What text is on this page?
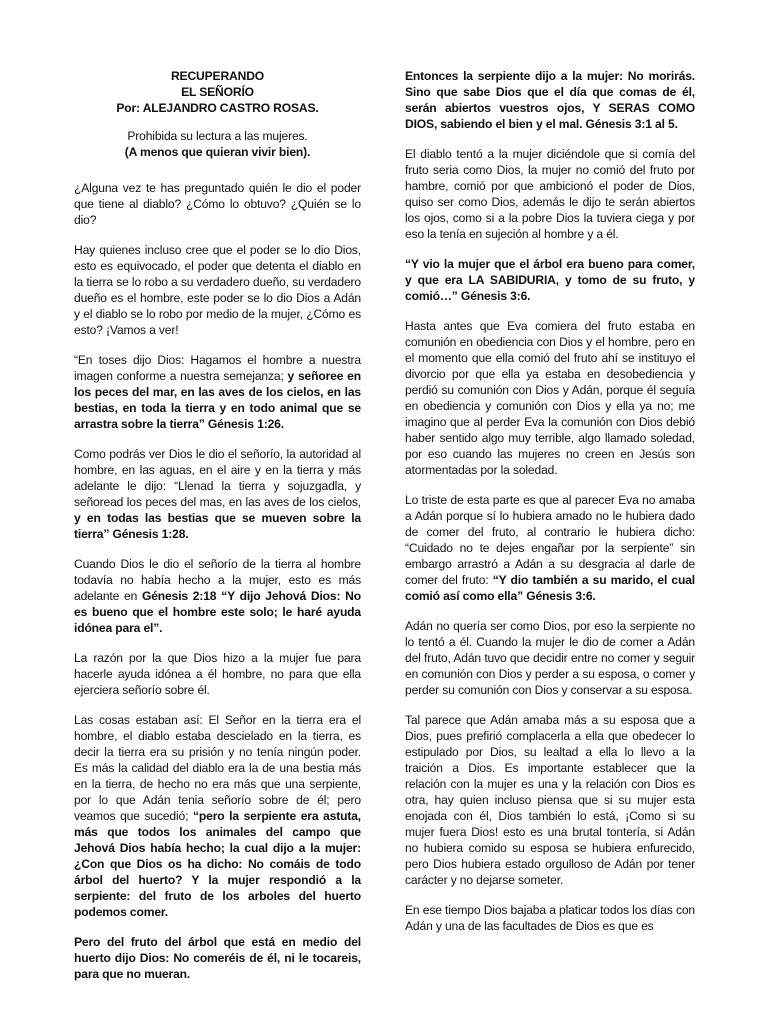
RECUPERANDO
EL SEÑORÍO
Por: ALEJANDRO CASTRO ROSAS.
Prohibida su lectura a las mujeres.
(A menos que quieran vivir bien).

¿Alguna vez te has preguntado quién le dio el poder que tiene al diablo? ¿Cómo lo obtuvo? ¿Quién se lo dio?

Hay quienes incluso cree que el poder se lo dio Dios, esto es equivocado, el poder que detenta el diablo en la tierra se lo robo a su verdadero dueño, su verdadero dueño es el hombre, este poder se lo dio Dios a Adán y el diablo se lo robo por medio de la mujer, ¿Cómo es esto? ¡Vamos a ver!

“En toses dijo Dios: Hagamos el hombre a nuestra imagen conforme a nuestra semejanza; y señoree en los peces del mar, en las aves de los cielos, en las bestias, en toda la tierra y en todo animal que se arrastra sobre la tierra” Génesis 1:26.

Como podrás ver Dios le dio el señorío, la autoridad al hombre, en las aguas, en el aire y en la tierra y más adelante le dijo: “Llenad la tierra y sojuzgadla, y señoread los peces del mas, en las aves de los cielos, y en todas las bestias que se mueven sobre la tierra” Génesis 1:28.

Cuando Dios le dio el señorío de la tierra al hombre todavía no había hecho a la mujer, esto es más adelante en Génesis 2:18 “Y dijo Jehová Dios: No es bueno que el hombre este solo; le haré ayuda idónea para el”.

La razón por la que Dios hizo a la mujer fue para hacerle ayuda idónea a él hombre, no para que ella ejerciera señorío sobre él.

Las cosas estaban así: El Señor en la tierra era el hombre, el diablo estaba descielado en la tierra, es decir la tierra era su prisión y no tenía ningún poder. Es más la calidad del diablo era la de una bestia más en la tierra, de hecho no era más que una serpiente, por lo que Adán tenia señorío sobre de él; pero veamos que sucedió; “pero la serpiente era astuta, más que todos los animales del campo que Jehová Dios había hecho; la cual dijo a la mujer: ¿Con que Dios os ha dicho: No comáis de todo árbol del huerto? Y la mujer respondió a la serpiente: del fruto de los arboles del huerto podemos comer.

Pero del fruto del árbol que está en medio del huerto dijo Dios: No comeréis de él, ni le tocareis, para que no mueran.

Entonces la serpiente dijo a la mujer: No morirás. Sino que sabe Dios que el día que comas de él, serán abiertos vuestros ojos, Y SERAS COMO DIOS, sabiendo el bien y el mal. Génesis 3:1 al 5.

El diablo tentó a la mujer diciéndole que si comía del fruto seria como Dios, la mujer no comió del fruto por hambre, comió por que ambicionó el poder de Dios, quiso ser como Dios, además le dijo te serán abiertos los ojos, como si a la pobre Dios la tuviera ciega y por eso la tenía en sujeción al hombre y a él.

“Y vio la mujer que el árbol era bueno para comer, y que era LA SABIDURIA, y tomo de su fruto, y comió…” Génesis 3:6.

Hasta antes que Eva comiera del fruto estaba en comunión en obediencia con Dios y el hombre, pero en el momento que ella comió del fruto ahí se instituyo el divorcio por que ella ya estaba en desobediencia y perdió su comunión con Dios y Adán, porque él seguía en obediencia y comunión con Dios y ella ya no; me imagino que al perder Eva la comunión con Dios debió haber sentido algo muy terrible, algo llamado soledad, por eso cuando las mujeres no creen en Jesús son atormentadas por la soledad.

Lo triste de esta parte es que al parecer Eva no amaba a Adán porque sí lo hubiera amado no le hubiera dado de comer del fruto, al contrario le hubiera dicho: “Cuidado no te dejes engañar por la serpiente” sin embargo arrastró a Adán a su desgracia al darle de comer del fruto: “Y dio también a su marido, el cual comió así como ella” Génesis 3:6.

Adán no quería ser como Dios, por eso la serpiente no lo tentó a él. Cuando la mujer le dio de comer a Adán del fruto, Adán tuvo que decidir entre no comer y seguir en comunión con Dios y perder a su esposa, o comer y perder su comunión con Dios y conservar a su esposa.

Tal parece que Adán amaba más a su esposa que a Dios, pues prefirió complacerla a ella que obedecer lo estipulado por Dios, su lealtad a ella lo llevo a la traición a Dios. Es importante establecer que la relación con la mujer es una y la relación con Dios es otra, hay quien incluso piensa que si su mujer esta enojada con él, Dios también lo está, ¡Como si su mujer fuera Dios! esto es una brutal tontería, si Adán no hubiera comido su esposa se hubiera enfurecido, pero Dios hubiera estado orgulloso de Adán por tener carácter y no dejarse someter.

En ese tiempo Dios bajaba a platicar todos los días con Adán y una de las facultades de Dios es que es
